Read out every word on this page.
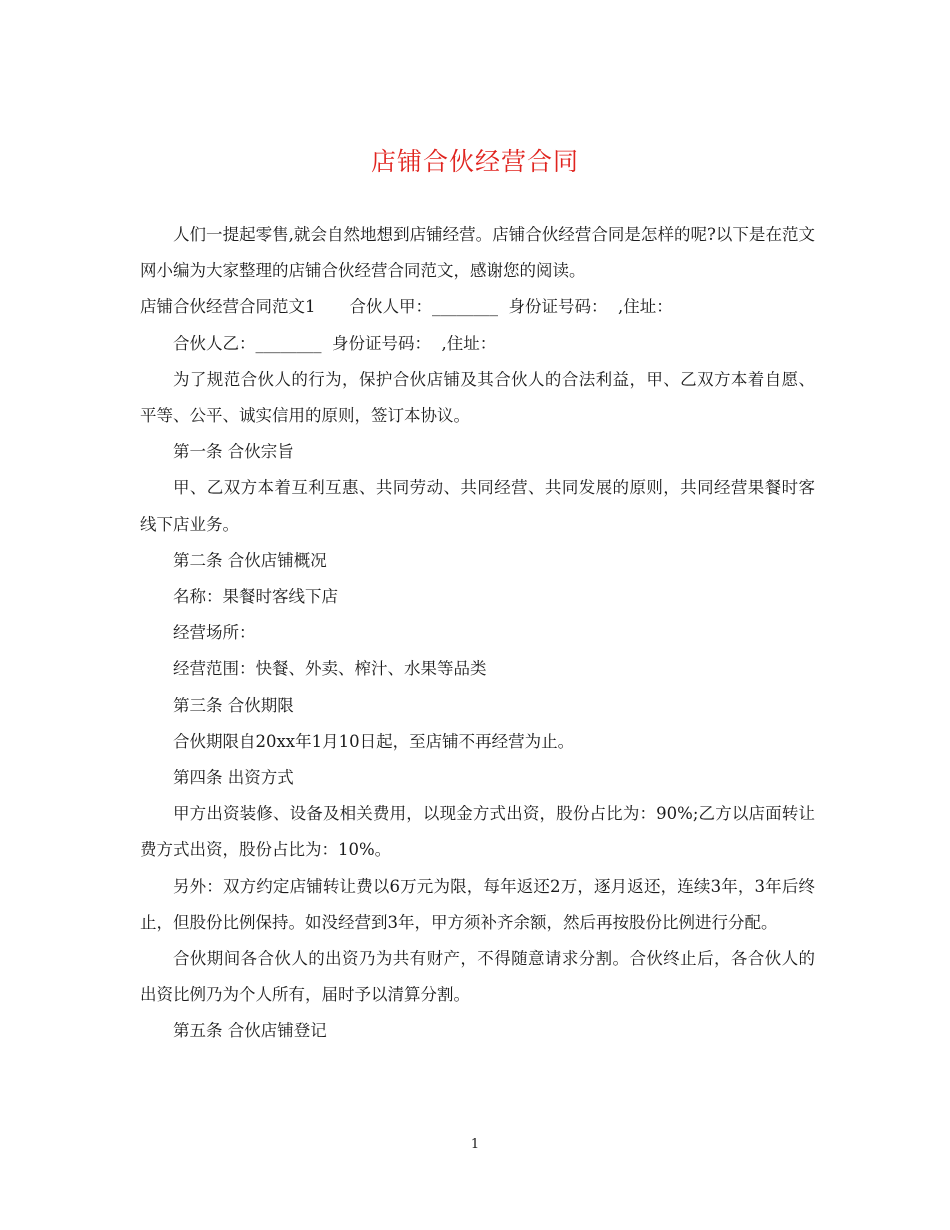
店铺合伙经营合同

人们一提起零售,就会自然地想到店铺经营。店铺合伙经营合同是怎样的呢?以下是在范文网小编为大家整理的店铺合伙经营合同范文，感谢您的阅读。

店铺合伙经营合同范文1 合伙人甲：________ 身份证号码： ,住址：

合伙人乙：________ 身份证号码： ,住址：

为了规范合伙人的行为，保护合伙店铺及其合伙人的合法利益，甲、乙双方本着自愿、平等、公平、诚实信用的原则，签订本协议。

第一条 合伙宗旨

甲、乙双方本着互利互惠、共同劳动、共同经营、共同发展的原则，共同经营果餐时客线下店业务。

第二条 合伙店铺概况

名称：果餐时客线下店

经营场所：

经营范围：快餐、外卖、榨汁、水果等品类

第三条 合伙期限

合伙期限自20xx年1月10日起，至店铺不再经营为止。

第四条 出资方式

甲方出资装修、设备及相关费用，以现金方式出资，股份占比为：90%;乙方以店面转让费方式出资，股份占比为：10%。

另外：双方约定店铺转让费以6万元为限，每年返还2万，逐月返还，连续3年，3年后终止，但股份比例保持。如没经营到3年，甲方须补齐余额，然后再按股份比例进行分配。

合伙期间各合伙人的出资乃为共有财产，不得随意请求分割。合伙终止后，各合伙人的出资比例乃为个人所有，届时予以清算分割。

第五条 合伙店铺登记

1
